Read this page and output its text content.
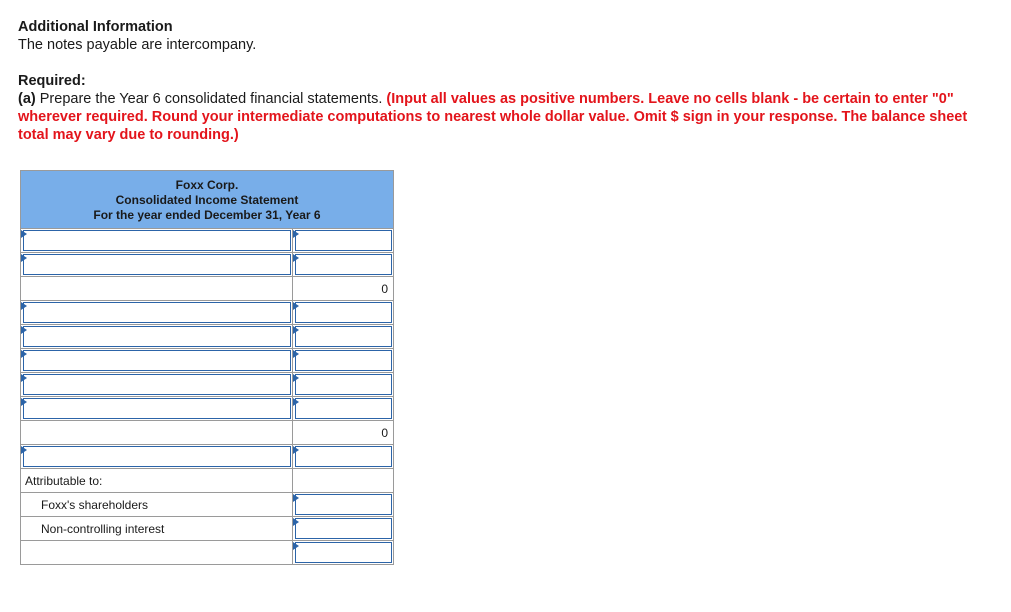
Additional Information
The notes payable are intercompany.
Required:
(a) Prepare the Year 6 consolidated financial statements. (Input all values as positive numbers. Leave no cells blank - be certain to enter "0" wherever required. Round your intermediate computations to nearest whole dollar value. Omit $ sign in your response. The balance sheet total may vary due to rounding.)
Foxx Corp.
Consolidated Income Statement
For the year ended December 31, Year 6
0
0
Attributable to:
Foxx's shareholders
Non-controlling interest
